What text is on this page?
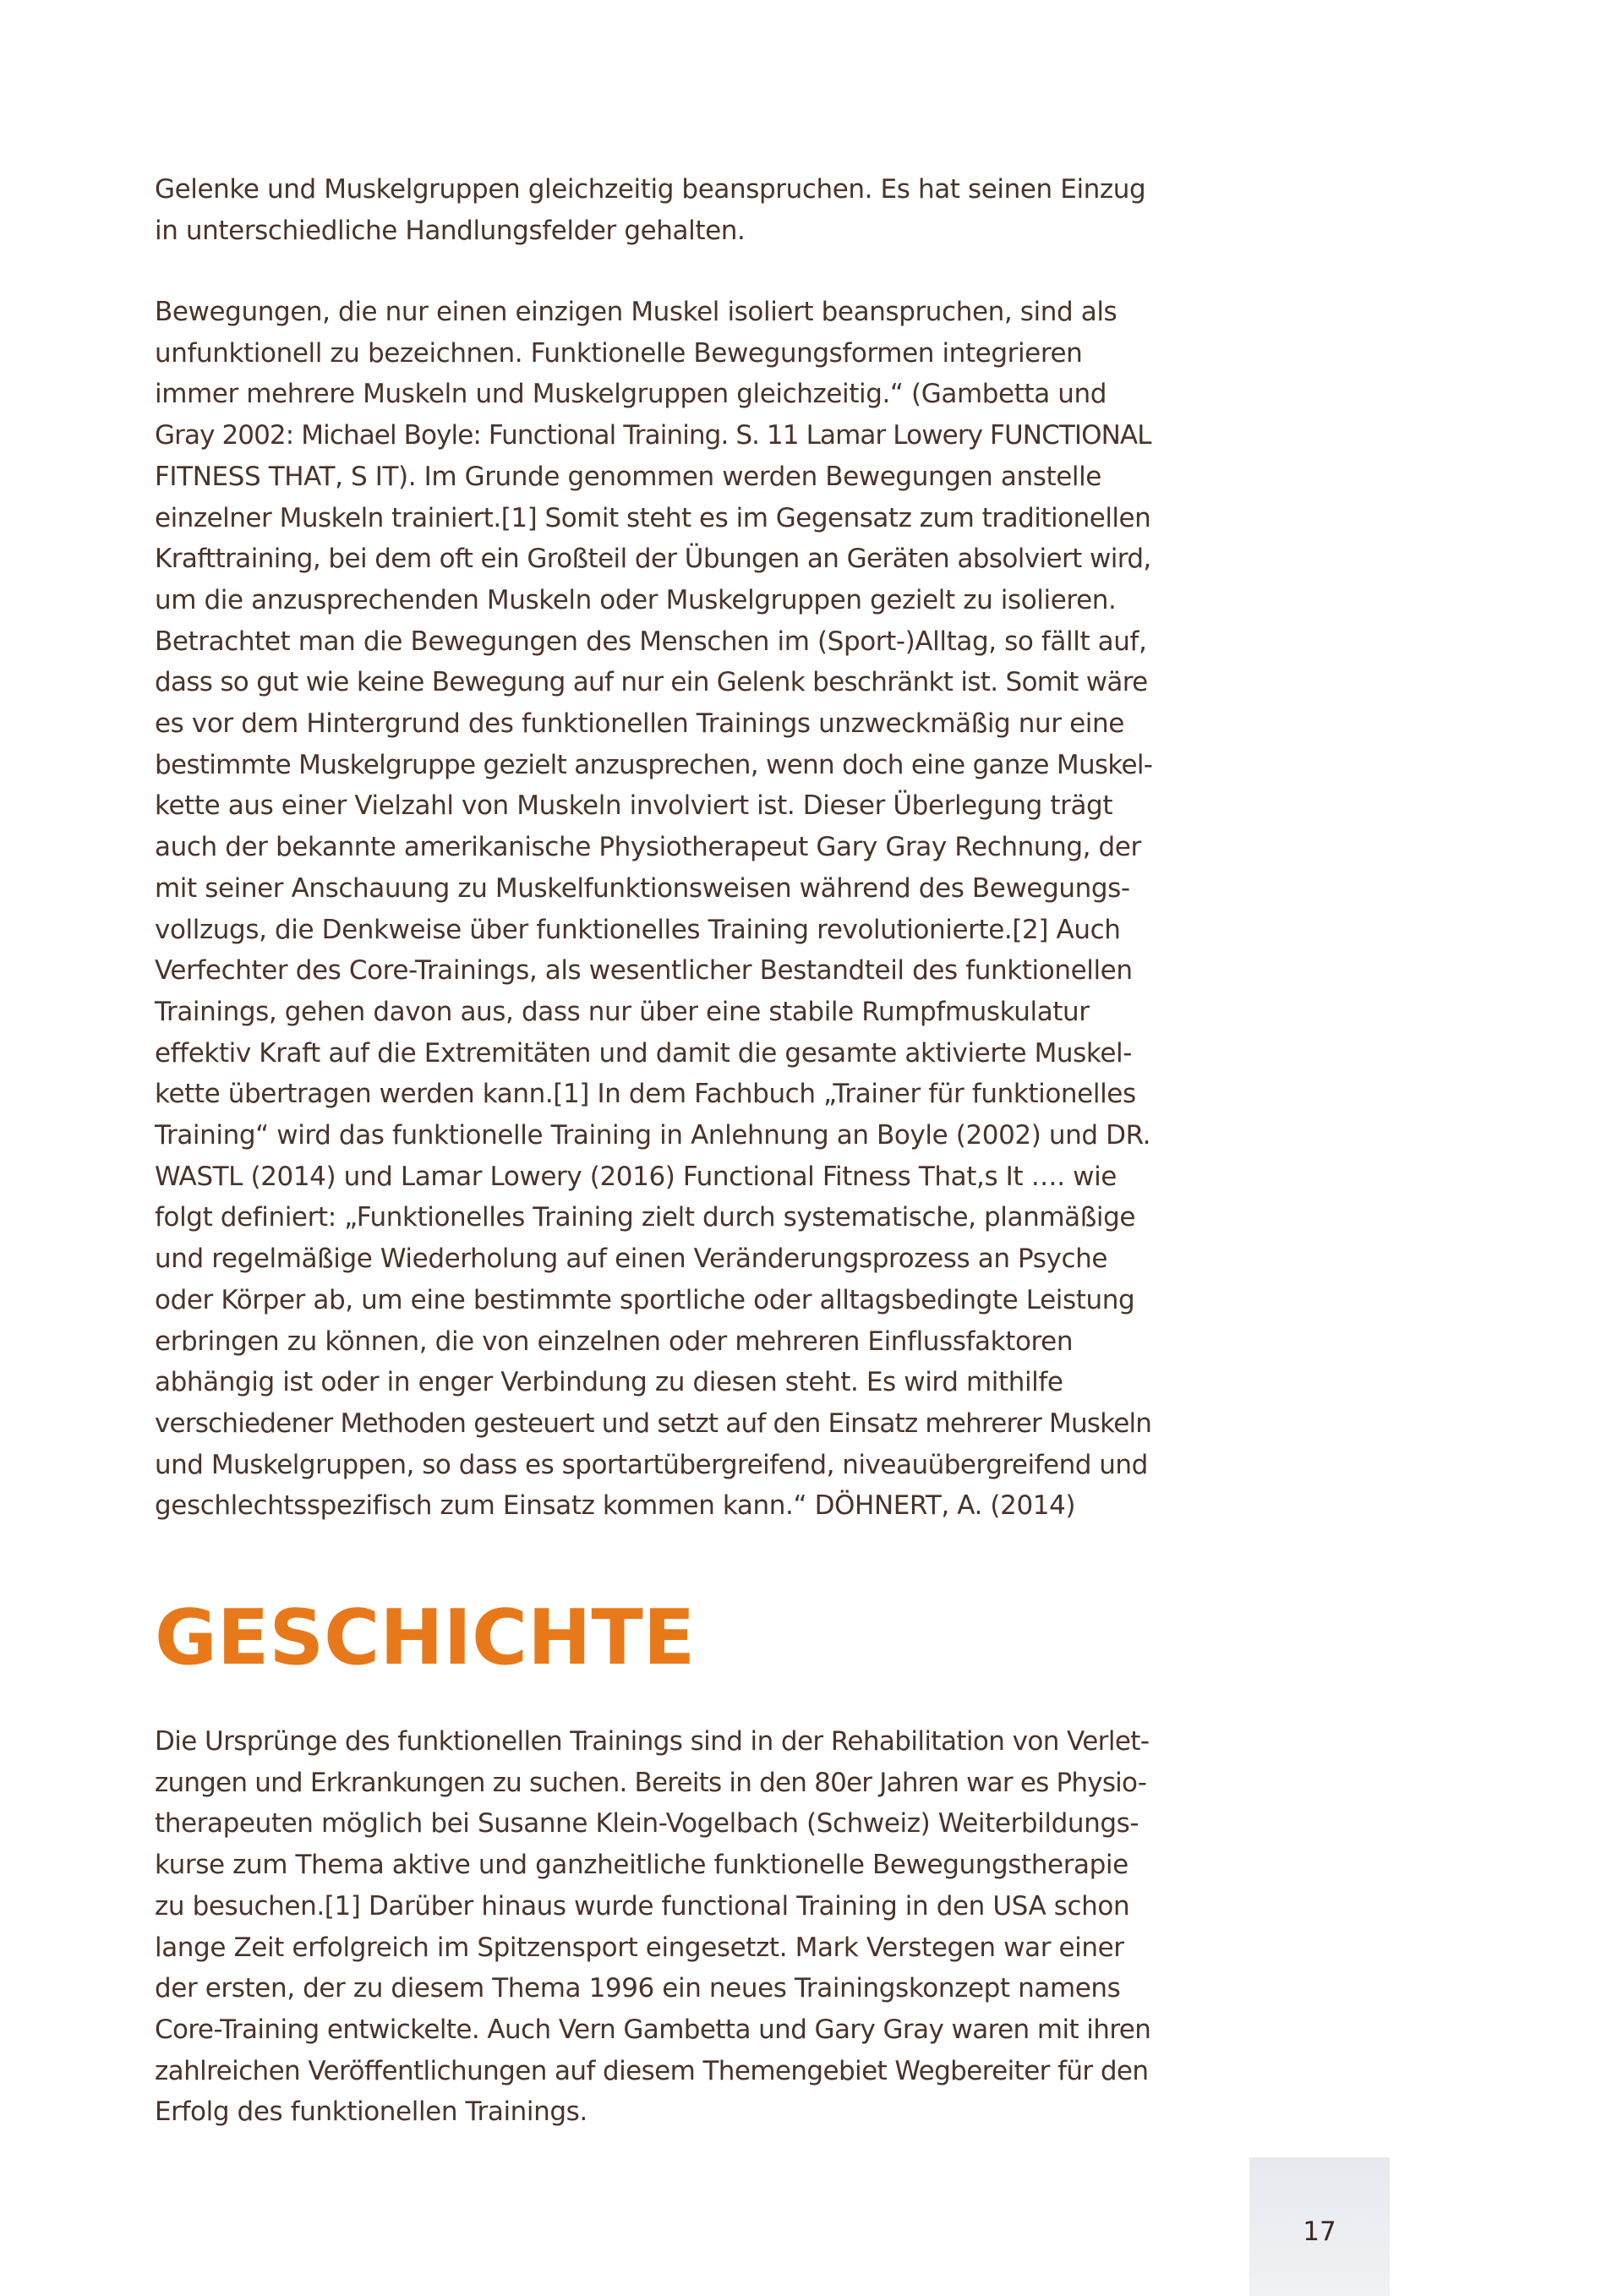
Gelenke und Muskelgruppen gleichzeitig beanspruchen. Es hat seinen Einzug
in unterschiedliche Handlungsfelder gehalten.
Bewegungen, die nur einen einzigen Muskel isoliert beanspruchen, sind als
unfunktionell zu bezeichnen. Funktionelle Bewegungsformen integrieren
immer mehrere Muskeln und Muskelgruppen gleichzeitig.“ (Gambetta und
Gray 2002: Michael Boyle: Functional Training. S. 11 Lamar Lowery FUNCTIONAL
FITNESS THAT, S IT). Im Grunde genommen werden Bewegungen anstelle
einzelner Muskeln trainiert.[1] Somit steht es im Gegensatz zum traditionellen
Krafttraining, bei dem oft ein Großteil der Übungen an Geräten absolviert wird,
um die anzusprechenden Muskeln oder Muskelgruppen gezielt zu isolieren.
Betrachtet man die Bewegungen des Menschen im (Sport-)Alltag, so fällt auf,
dass so gut wie keine Bewegung auf nur ein Gelenk beschränkt ist. Somit wäre
es vor dem Hintergrund des funktionellen Trainings unzweckmäßig nur eine
bestimmte Muskelgruppe gezielt anzusprechen, wenn doch eine ganze Muskel-
kette aus einer Vielzahl von Muskeln involviert ist. Dieser Überlegung trägt
auch der bekannte amerikanische Physiotherapeut Gary Gray Rechnung, der
mit seiner Anschauung zu Muskelfunktionsweisen während des Bewegungs-
vollzugs, die Denkweise über funktionelles Training revolutionierte.[2] Auch
Verfechter des Core-Trainings, als wesentlicher Bestandteil des funktionellen
Trainings, gehen davon aus, dass nur über eine stabile Rumpfmuskulatur
effektiv Kraft auf die Extremitäten und damit die gesamte aktivierte Muskel-
kette übertragen werden kann.[1] In dem Fachbuch „Trainer für funktionelles
Training“ wird das funktionelle Training in Anlehnung an Boyle (2002) und DR.
WASTL (2014) und Lamar Lowery (2016) Functional Fitness That,s It …. wie
folgt definiert: „Funktionelles Training zielt durch systematische, planmäßige
und regelmäßige Wiederholung auf einen Veränderungsprozess an Psyche
oder Körper ab, um eine bestimmte sportliche oder alltagsbedingte Leistung
erbringen zu können, die von einzelnen oder mehreren Einflussfaktoren
abhängig ist oder in enger Verbindung zu diesen steht. Es wird mithilfe
verschiedener Methoden gesteuert und setzt auf den Einsatz mehrerer Muskeln
und Muskelgruppen, so dass es sportartübergreifend, niveauübergreifend und
geschlechtsspezifisch zum Einsatz kommen kann.“ DÖHNERT, A. (2014)
GESCHICHTE
Die Ursprünge des funktionellen Trainings sind in der Rehabilitation von Verlet-
zungen und Erkrankungen zu suchen. Bereits in den 80er Jahren war es Physio-
therapeuten möglich bei Susanne Klein-Vogelbach (Schweiz) Weiterbildungs-
kurse zum Thema aktive und ganzheitliche funktionelle Bewegungstherapie
zu besuchen.[1] Darüber hinaus wurde functional Training in den USA schon
lange Zeit erfolgreich im Spitzensport eingesetzt. Mark Verstegen war einer
der ersten, der zu diesem Thema 1996 ein neues Trainingskonzept namens
Core-Training entwickelte. Auch Vern Gambetta und Gary Gray waren mit ihren
zahlreichen Veröffentlichungen auf diesem Themengebiet Wegbereiter für den
Erfolg des funktionellen Trainings.
17
